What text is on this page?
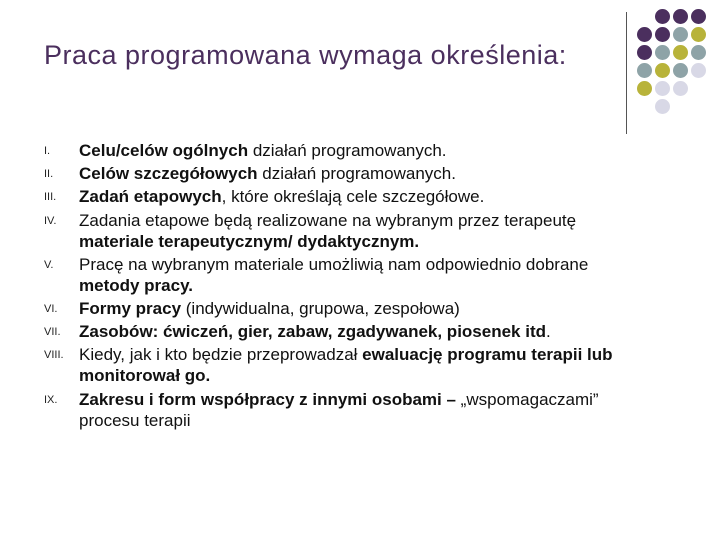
Praca programowana wymaga określenia:
I. Celu/celów ogólnych działań programowanych.
II. Celów szczegółowych działań programowanych.
III. Zadań etapowych, które określają cele szczegółowe.
IV. Zadania etapowe będą realizowane na wybranym przez terapeutę materiale terapeutycznym/ dydaktycznym.
V. Pracę na wybranym materiale umożliwią nam odpowiednio dobrane metody pracy.
VI. Formy pracy (indywidualna, grupowa, zespołowa)
VII. Zasobów: ćwiczeń, gier, zabaw, zgadywanek, piosenek itd.
VIII. Kiedy, jak i kto będzie przeprowadzał ewaluację programu terapii lub monitorował go.
IX. Zakresu i form współpracy z innymi osobami – „wspomagaczami” procesu terapii
